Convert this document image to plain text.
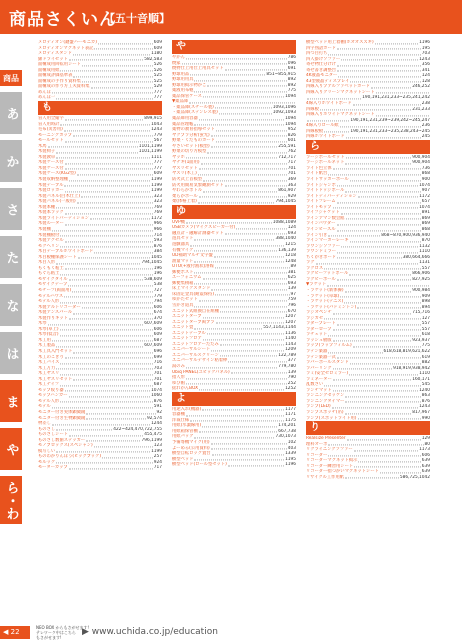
商品さくいん
【五十音順】
商品
あ
か
さ
た
な
は
ま
や
ら・わ
メロディオン(鍵盤ハーモニカ)	609
メロディオンマグネット表記	609
メロディスタンド	1180
綿ドライセット	582,583
面構成用回転用シート	526
面構成用紙	526
面構成評価基準表	525
面構成の手作り資料集	525
面構成の作り方工夫資料集	529
めんぼ	777
めんぼ一	777
も
盲人用全縮字	899,915
盲人用時計	1043
毛布(災害用)	1243
モーニングカップ	779
モールセット	567
木馬	1101,1199
木製椅子	1101,1199
木製教卓	1111
木製ケース付	777
木製ケース付	777
木製ケース(KG2型)	609
木製収納整理棚	1199
木製テーブル	1199
木製ロッカー	1199
木製パネル(白木仕上)	323
木製パネル(一般用)	323
木製本棚	769
木製本ラック	769
木製ライトパーティション	1172
木製ルーター	966
木製棚	966
木製棚板付	714
木製アクセル	593
モクヘリン	876
木目テーブルホワイトボード	384
木目板棚保護シート	1045
木目人形	794,1045
もくもく粘土	196
もぐら粘土	196
モザイクタイル	538,609
モザイクテープ	538
モチーフ(両面用)	727
モデルハウス	779
モデル人形	794
木製アルトリコーダー	606
木製アンスバール	674
木製作りキット	370
木琴	607,609
木琴(卓上)	606
木琴(低音)	609
木工用	687
木工製品	607,609
木工具入門セット	696
木工のこぎり	699
木工バイス	716
木工万力	703
木工ヤスリ	701
木工ヤスリセット	701
木工ナイフ	687
モップ絞り器	1074
モップハンガー	1060
モデル人形	876
モデル	591
モニター付き実体顕微鏡	92
モニター付き生物顕微鏡	92,574
物差し	1244
ものさし	422~424,470,722,755
ものさしシート	455,475
ものさし数値ステッカー	796,1199
モノブロックス(スペシャン)	123
模写しい	1199
ものわかりんぼう(ビッグブック)	257
モルック	924
モーターカップ	717
や
やかん	786
焼家	096
焼物仕上用仕上用具セット	691
野球用品	851~855,915
野球用用具	892
野球用掲示物かご	892
薬液用布鞄	775
薬品保管ケース	1094
▼薬品庫
・薬品庫(スチール製)	1093,1096
・薬品庫(ステンレス製)	1092,1093
薬品庫用容器	1094
薬品管理帳	1094
薬物の教育指導セット	952
ヤクプラ分析(蛍光)	826
野菜・くだものカード	601
やさいセット(模型)	255,591
野菜の切り方模型	762
ヤッホ	712,717
ヤナギ(1面用)	717
ヤスリセット	701
ヤスリ(木工)	701
防火式上首模型	369
防火用簡易気象観測セット	363
やわらかボトル	861,907
柔らかボール	929
柔(体格上着)	794,1045
ゆ
UVP機	1088,1089
USBカメラ(マイクスピーカー付)	124
融点計・融解計測器セット	693
遊具セット	388,1040
遊戯器具	1215
有機マイク	136,139
UD補助マルチ文字盤	1218
油量マット	1248
UTO(+液付液状)溶媒	89
郵便ポスト	381
ユーフォニウム	625
郵便集積箱	693
床上マイクスタンド	139
床固定金具(耐震保持)	97
ゆかたセット	759
雪かき道具	796
ユニット式組換自在組棚	670
ユニットターブ	1207
ユニットターブ両ブラ	1207
ユニット畳	557,1143,1144
ユニットテーブル	1136
ユニットフロア	1140
ユニットフロアーたたみ	1143
ユニバーサルシート	1209
ユニバーサルスクリーン	122,789
ユニバーサルデザイン粘着棒	377
湯のみ	779,780
Ubiq PANEL(ユビックパネル)	139
指人形	790
ゆび帽	252
揺れがんBOX	1252
よ
用途入れ(機器)	1177
容器棚	1171
洋裁仕様	1175
用紙(水濃線用)	174,201
用紙箱保管棚	667,738
用紙バッグ	730,1073
予備専機マイク(用)	102
よーめる(公用資料)	403
横型自転ロック置台	1339
横型ベッド	1195
横型ベッド(ロール型セット)	1196
横型ベッド用上着棚(ホオオスズギ)	1196
四字熟語カード	195
四つ目打ち	703
四人掛けソファー	1243
寄せ物仕分けけ	356
寄せ書き調整台	341
4K液晶モニター	124
43型液晶ディスプレイ	128
四線入りプアルファベットカード	246,252
四線入りグリーンマグネットシート
190,191,231,233~235,241,242
4線入りホワイトボード	238
四線板	231,233
四線入りホワイトマグネットシート
190,191,231,239~239,242~245,247
4線入りロール紙	236
四線板板	190,191,231,233~235,238,243~245
四線ホワイトボード	245
ら
ラージボールセット	900,904
ラージボールネット	900,904
ライト色立体	736
ライト紙台	868
ライトサッカーボール	900
ライトジャンボ	1074
ライトドッジボール	907
ライトティパーティション	1172
ライトフレーム	657
ライトモップ	1074
ライフジャケット	891
ラインアマン数会館	869
ラインパウダー	869
ラインビーズル	868
ライン引き	868~870,900,936,940
ラインマーカーレーキ	870
ラウンジソファー	1132
ラウンドミラー	1110
ちくがきボード	380,664,666
ラグ	1131
ラクロス	557
ラグビーフットボール	866,906
ラグビーボール	827,925
▼ラケット
・ラケット(新体操)	900,984
・ラケット(卓球)	909
・ラケット(テニス)	898
・ラケット(バドミントン)	894
ラジオペンチ	715,716
ラジカセ	127
ラダープレート	557
ラダーロープ	557
ラチェット	618
ラッシュ板版	923,937
ラップ(ラップフィルム)	775
ラテン楽器	618,618,819,621,622
ラテン楽器一式	619
ラバーボールスタンド	882
ラバーリング	918,919,938,942
ラミ(安全セロミラー)	1110
ラミネーター	160,171
乱数さい	545
ランチマット	1240
ランニングゼッケン	863
ランニングタイマー	876
ランプ(LED)	1243
ランプスポッチ(吊)	817,967
ランプ(スポットライト用)	990
り
Realsize Presenter	129
理科オーボ	80
リクライニングソファー	1173
リコーダー	606
リコーダーマグネット掲示	639
リコーダー練習用シート	639
リコーダー指づかいマグネットシート	639
リサイクル工作用紙	586,725,1042
◀ 22
NEO BOX からもさがせます!
テレワーク中はこちら
もさがせます!
▶ www.uchida.co.jp/education
